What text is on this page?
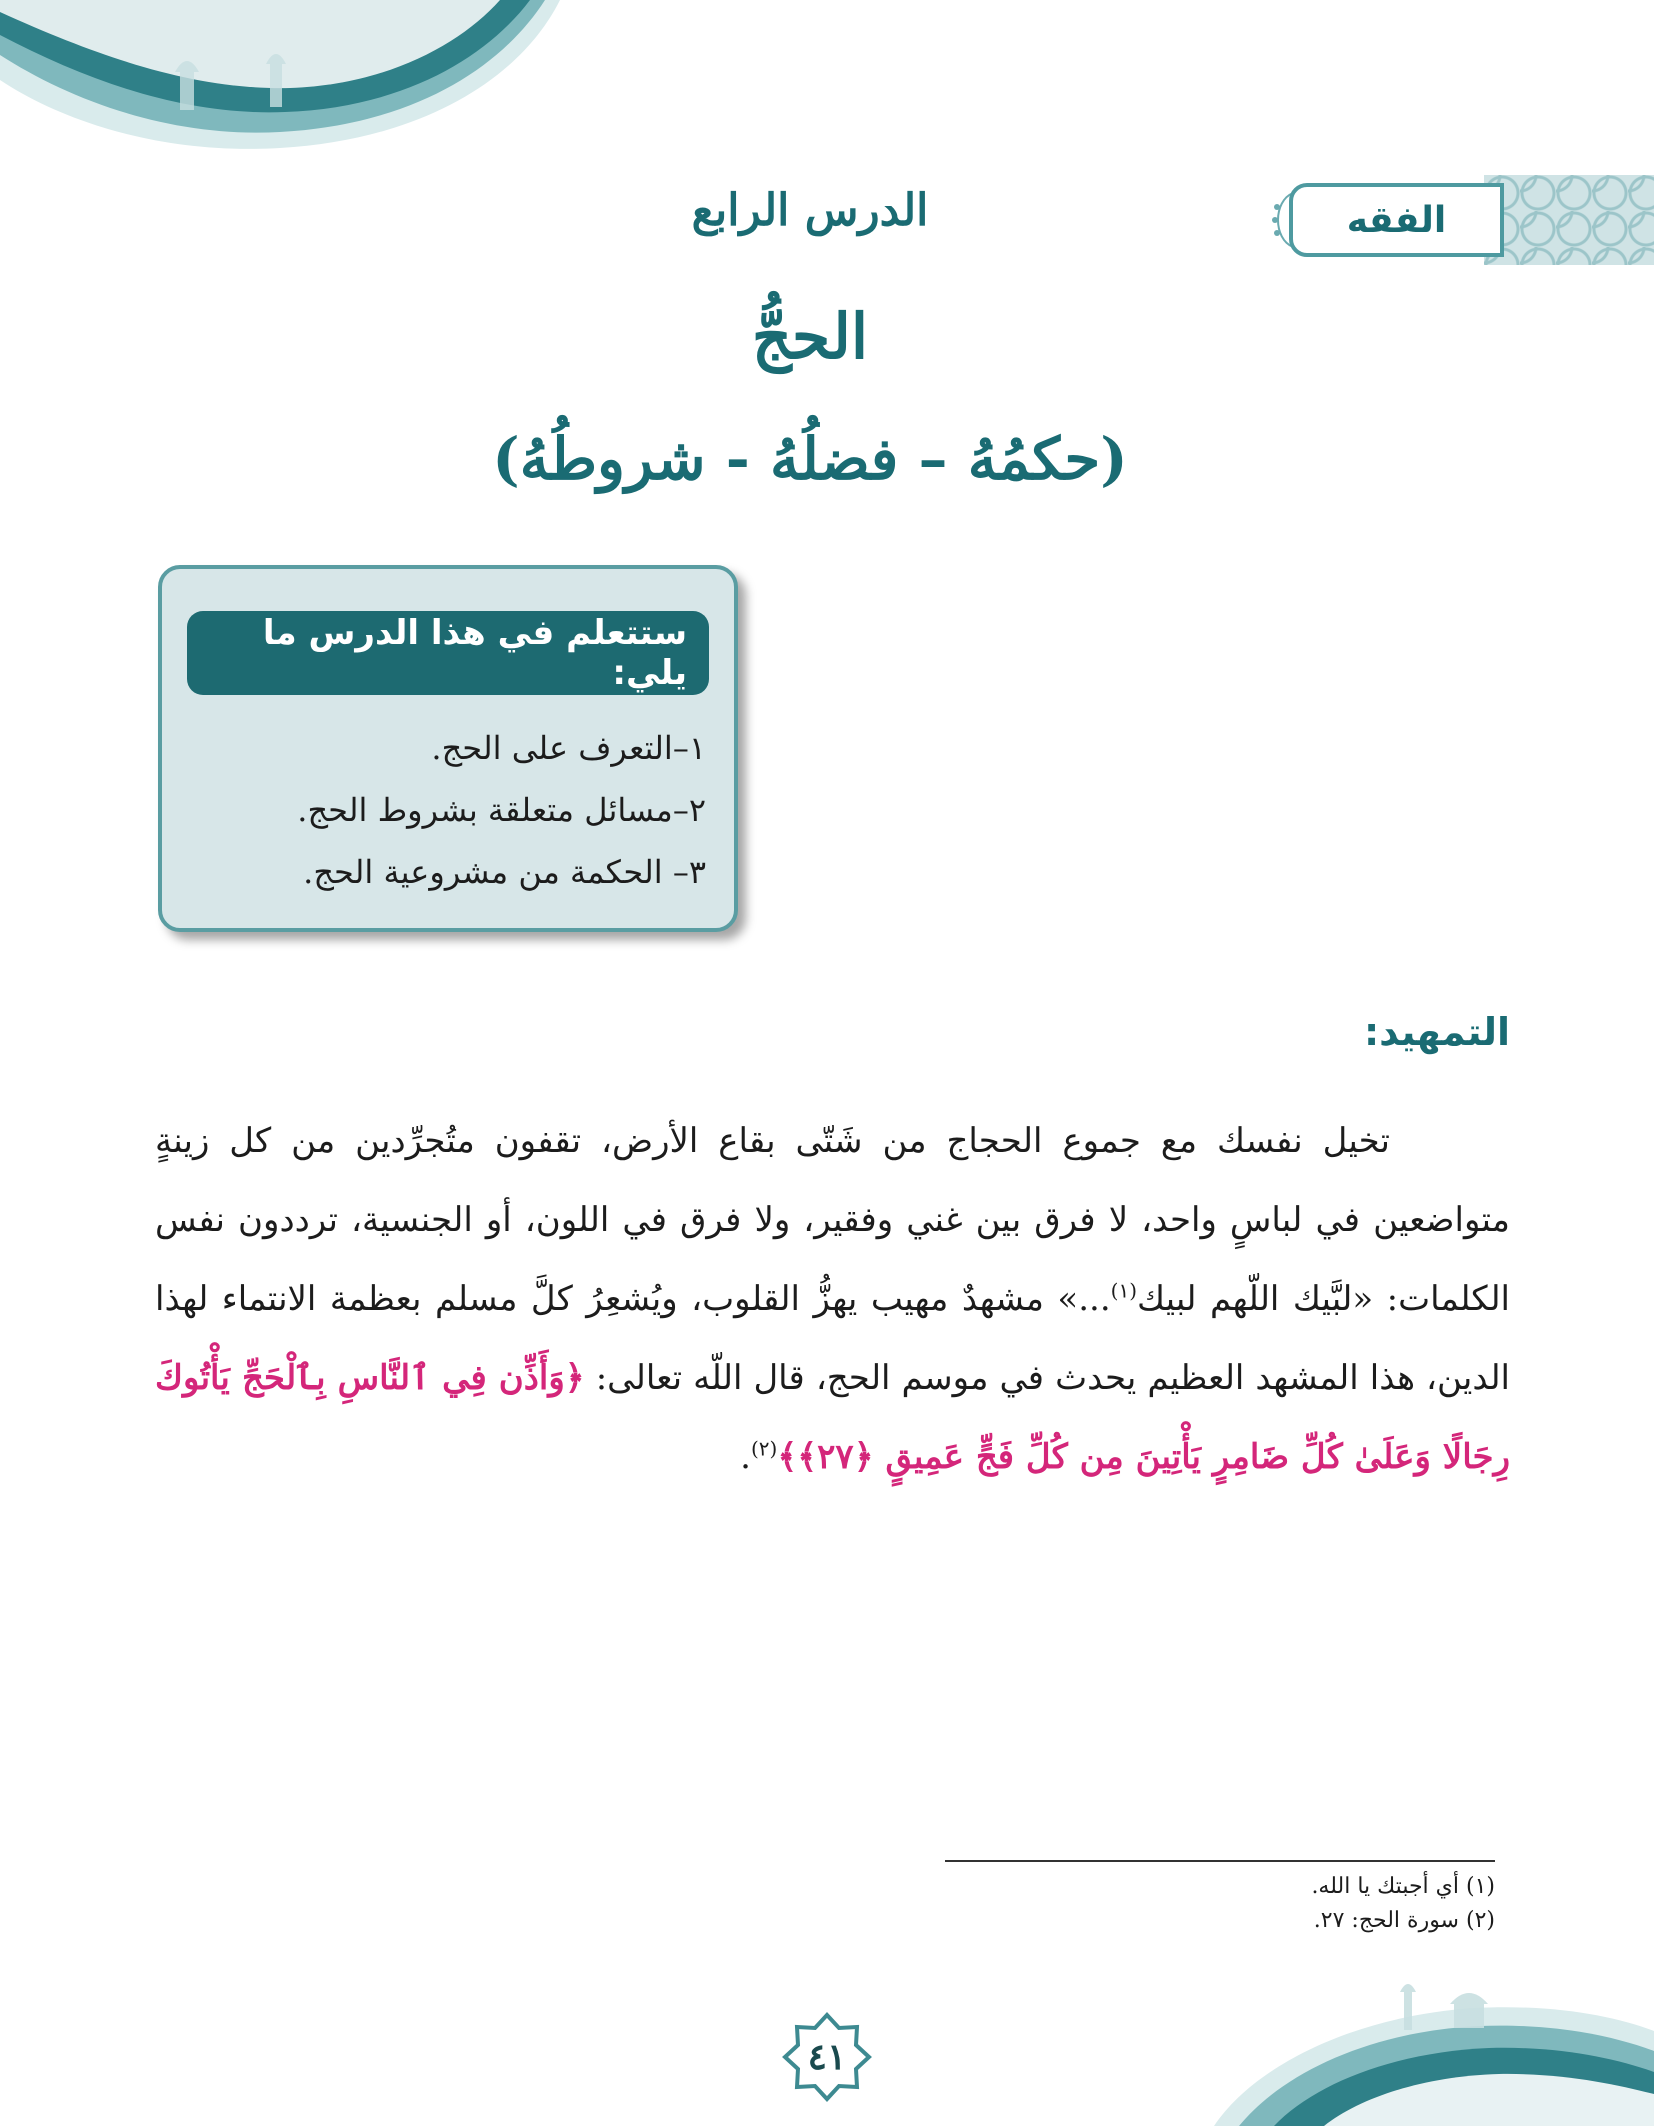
الفقه
الدرس الرابع
الحجُّ
(حكمُهُ – فضلُهُ - شروطُهُ)
ستتعلم في هذا الدرس ما يلي:
١–التعرف على الحج.
٢–مسائل متعلقة بشروط الحج.
٣– الحكمة من مشروعية الحج.
التمهيد:

تخيل نفسك مع جموع الحجاج من شَتّى بقاع الأرض، تقفون متُجرِّدين من كل زينةٍ متواضعين في لباسٍ واحد، لا فرق بين غني وفقير، ولا فرق في اللون، أو الجنسية، ترددون نفس الكلمات: «لبَّيك اللّهم لبيك$^{(١)}$...» مشهدٌ مهيب يهزُّ القلوب، ويُشعِرُ كلَّ مسلم بعظمة الانتماء لهذا الدين، هذا المشهد العظيم يحدث في موسم الحج، قال اللّه تعالى: ﴿وَأَذِّن فِي ٱلنَّاسِ بِٱلْحَجِّ يَأْتُوكَ رِجَالًا وَعَلَىٰ كُلِّ ضَامِرٍ يَأْتِينَ مِن كُلِّ فَجٍّ عَمِيقٍ ﴿٢٧﴾﴾$^{(٢)}$.

(١) أي أجبتك يا الله.
(٢) سورة الحج: ٢٧.
٤١
